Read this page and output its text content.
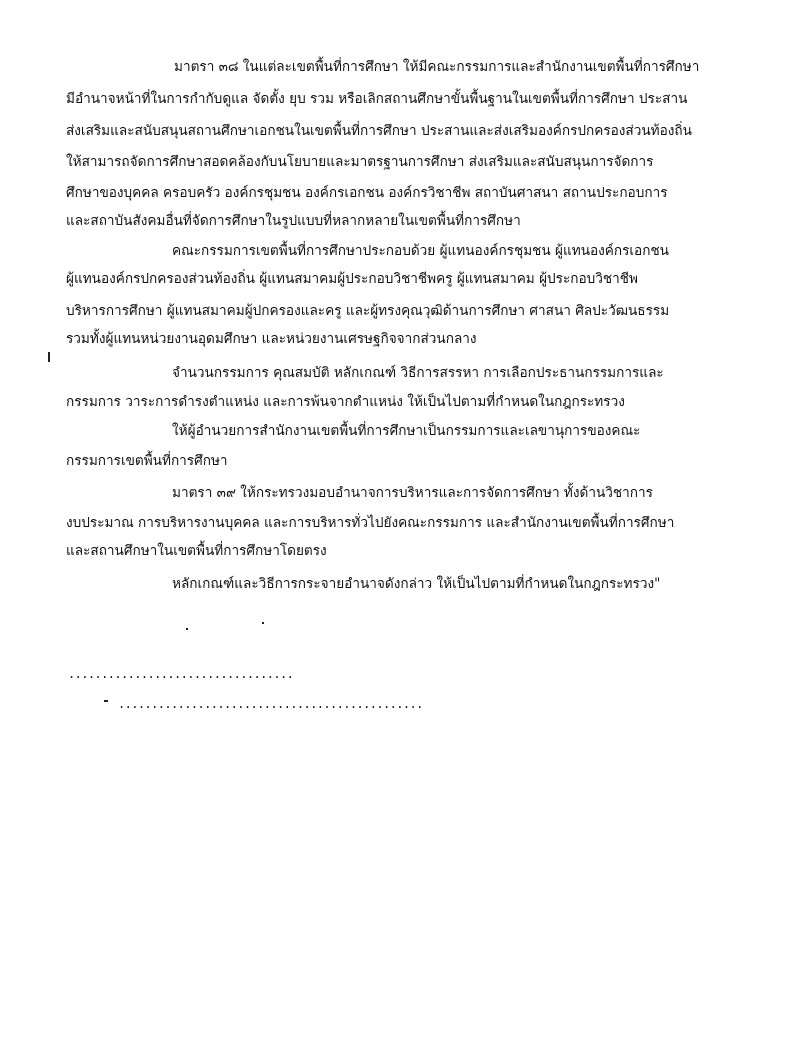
มาตรา ๓๘ ในแต่ละเขตพื้นที่การศึกษา ให้มีคณะกรรมการและสำนักงานเขตพื้นที่การศึกษา
มีอำนาจหน้าที่ในการกำกับดูแล จัดตั้ง ยุบ รวม หรือเลิกสถานศึกษาขั้นพื้นฐานในเขตพื้นที่การศึกษา ประสาน
ส่งเสริมและสนับสนุนสถานศึกษาเอกชนในเขตพื้นที่การศึกษา ประสานและส่งเสริมองค์กรปกครองส่วนท้องถิ่น
ให้สามารถจัดการศึกษาสอดคล้องกับนโยบายและมาตรฐานการศึกษา ส่งเสริมและสนับสนุนการจัดการ
ศึกษาของบุคคล ครอบครัว องค์กรชุมชน องค์กรเอกชน องค์กรวิชาชีพ สถาบันศาสนา สถานประกอบการ
และสถาบันสังคมอื่นที่จัดการศึกษาในรูปแบบที่หลากหลายในเขตพื้นที่การศึกษา
คณะกรรมการเขตพื้นที่การศึกษาประกอบด้วย ผู้แทนองค์กรชุมชน ผู้แทนองค์กรเอกชน
ผู้แทนองค์กรปกครองส่วนท้องถิ่น ผู้แทนสมาคมผู้ประกอบวิชาชีพครู ผู้แทนสมาคม ผู้ประกอบวิชาชีพ
บริหารการศึกษา ผู้แทนสมาคมผู้ปกครองและครู และผู้ทรงคุณวุฒิด้านการศึกษา ศาสนา ศิลปะวัฒนธรรม
รวมทั้งผู้แทนหน่วยงานอุดมศึกษา และหน่วยงานเศรษฐกิจจากส่วนกลาง
จำนวนกรรมการ คุณสมบัติ หลักเกณฑ์ วิธีการสรรหา การเลือกประธานกรรมการและ
กรรมการ วาระการดำรงตำแหน่ง และการพ้นจากตำแหน่ง ให้เป็นไปตามที่กำหนดในกฎกระทรวง
ให้ผู้อำนวยการสำนักงานเขตพื้นที่การศึกษาเป็นกรรมการและเลขานุการของคณะ
กรรมการเขตพื้นที่การศึกษา
มาตรา ๓๙ ให้กระทรวงมอบอำนาจการบริหารและการจัดการศึกษา ทั้งด้านวิชาการ
งบประมาณ การบริหารงานบุคคล และการบริหารทั่วไปยังคณะกรรมการ และสำนักงานเขตพื้นที่การศึกษา
และสถานศึกษาในเขตพื้นที่การศึกษาโดยตรง
หลักเกณฑ์และวิธีการกระจายอำนาจดังกล่าว ให้เป็นไปตามที่กำหนดในกฎกระทรวง"
..................................
..............................................
